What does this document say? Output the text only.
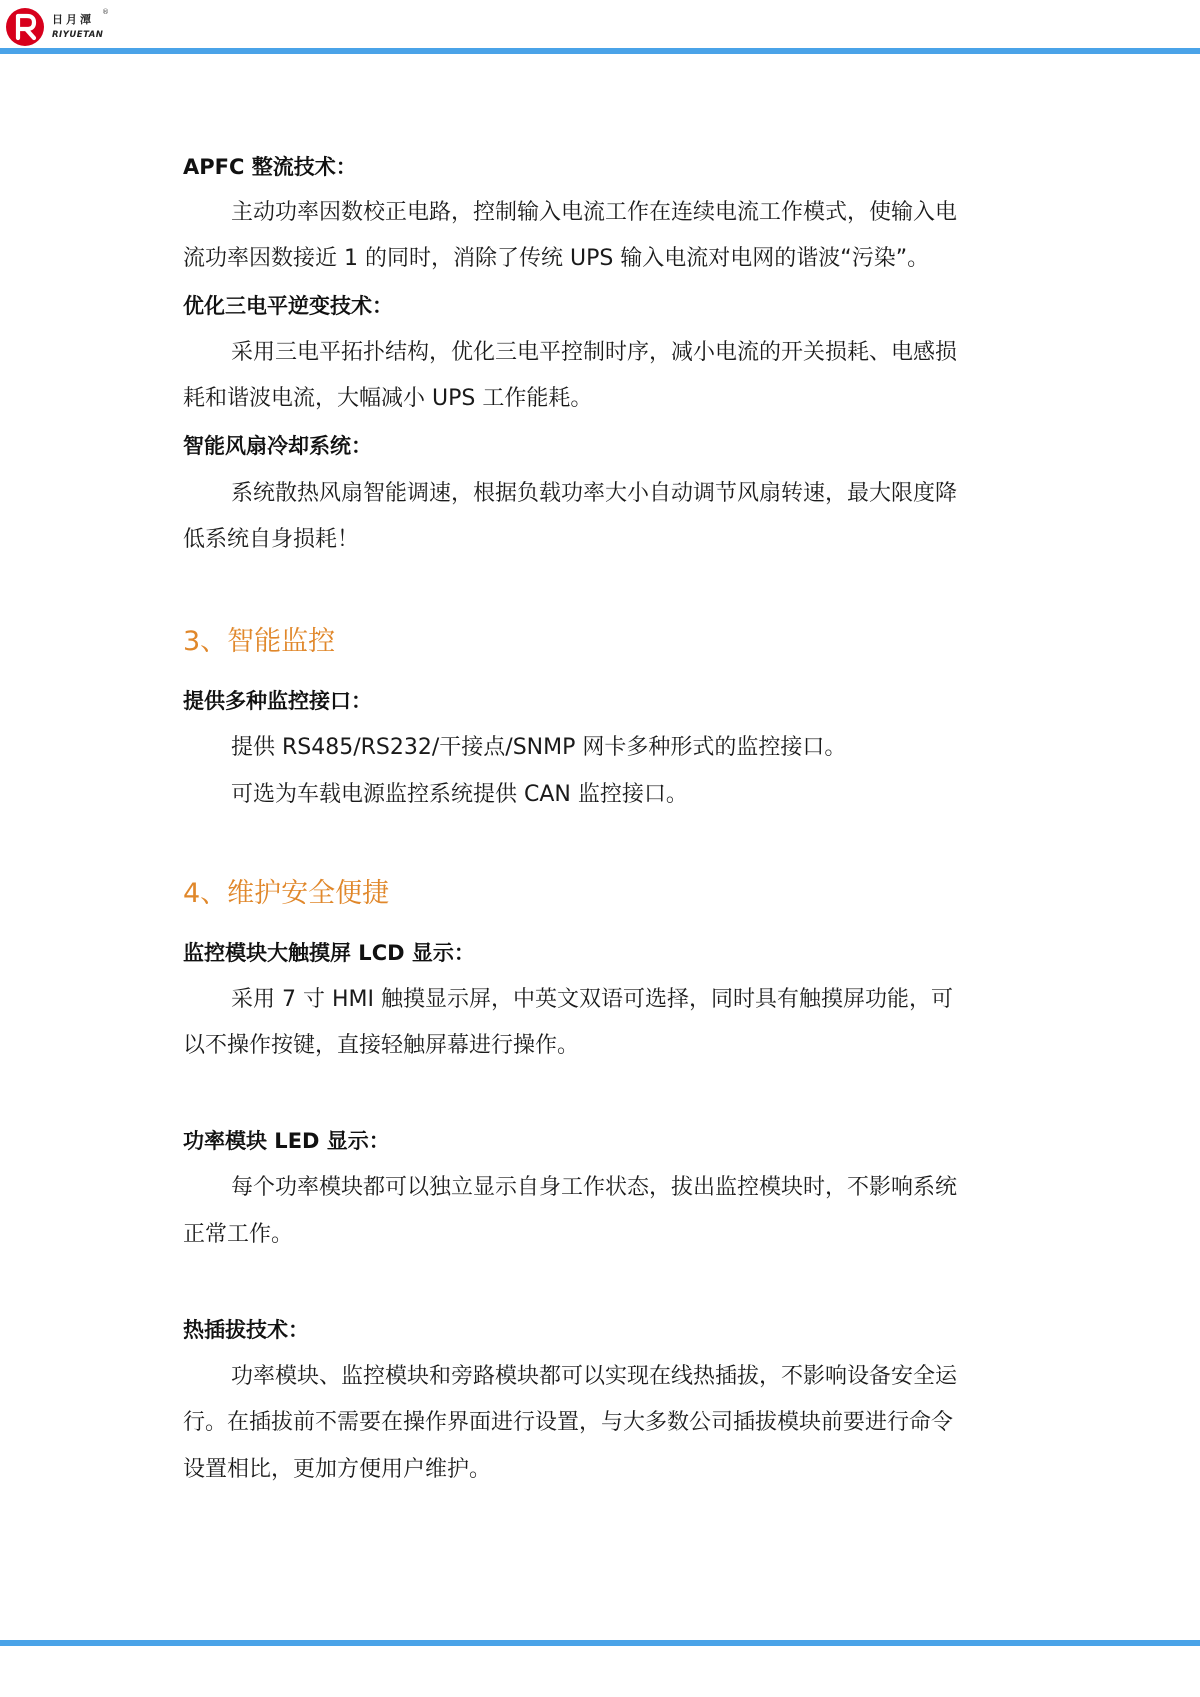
日月潭
®
RIYUETAN
APFC 整流技术：
主动功率因数校正电路，控制输入电流工作在连续电流工作模式，使输入电
流功率因数接近 1 的同时，消除了传统 UPS 输入电流对电网的谐波“污染”。
优化三电平逆变技术：
采用三电平拓扑结构，优化三电平控制时序，减小电流的开关损耗、电感损
耗和谐波电流，大幅减小 UPS 工作能耗。
智能风扇冷却系统：
系统散热风扇智能调速，根据负载功率大小自动调节风扇转速，最大限度降
低系统自身损耗！
3、智能监控
提供多种监控接口：
提供 RS485/RS232/干接点/SNMP 网卡多种形式的监控接口。
可选为车载电源监控系统提供 CAN 监控接口。
4、维护安全便捷
监控模块大触摸屏 LCD 显示：
采用 7 寸 HMI 触摸显示屏，中英文双语可选择，同时具有触摸屏功能，可
以不操作按键，直接轻触屏幕进行操作。
功率模块 LED 显示：
每个功率模块都可以独立显示自身工作状态，拔出监控模块时，不影响系统
正常工作。
热插拔技术：
功率模块、监控模块和旁路模块都可以实现在线热插拔，不影响设备安全运
行。在插拔前不需要在操作界面进行设置，与大多数公司插拔模块前要进行命令
设置相比，更加方便用户维护。
